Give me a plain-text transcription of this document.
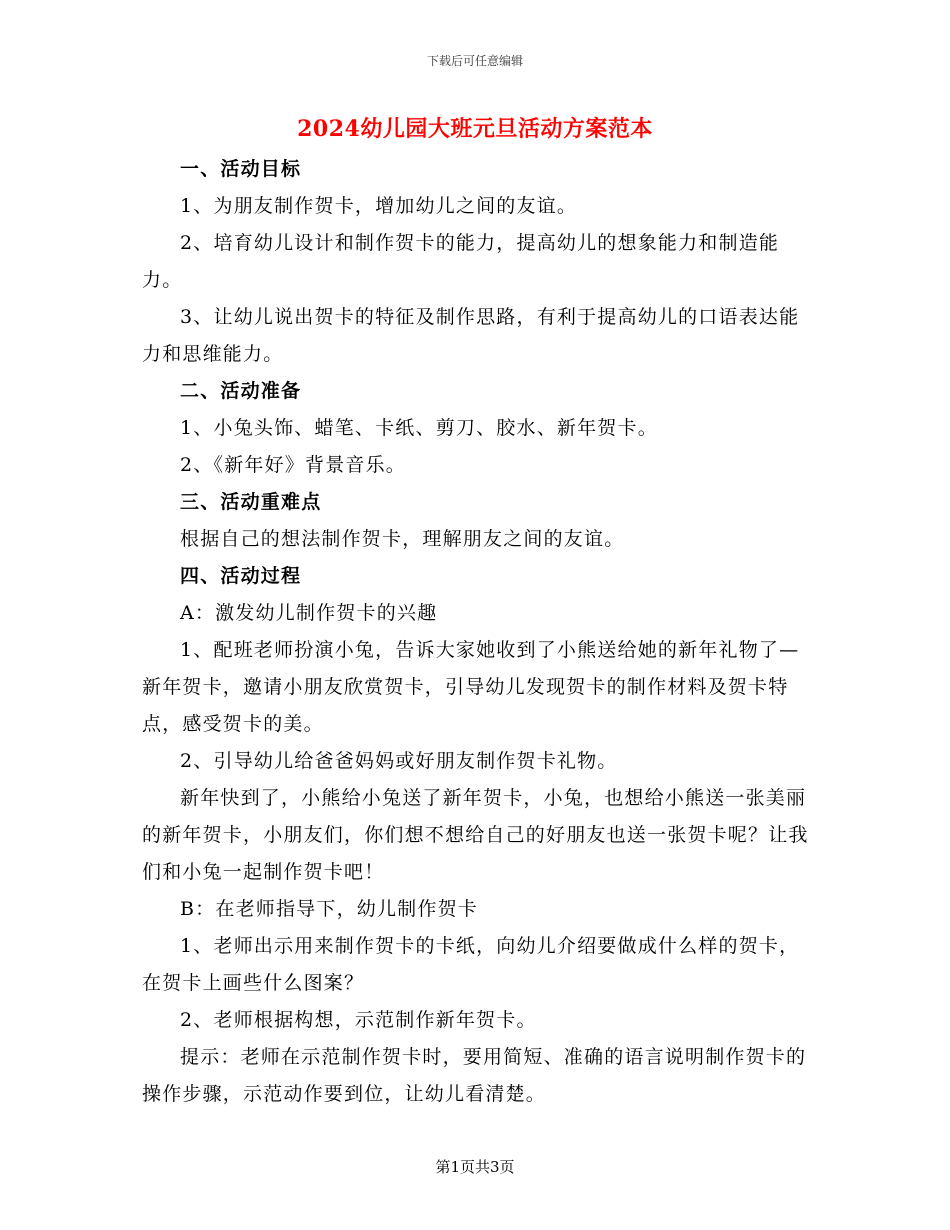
下载后可任意编辑
2024幼儿园大班元旦活动方案范本

一、活动目标

1、为朋友制作贺卡，增加幼儿之间的友谊。

2、培育幼儿设计和制作贺卡的能力，提高幼儿的想象能力和制造能力。

3、让幼儿说出贺卡的特征及制作思路，有利于提高幼儿的口语表达能力和思维能力。

二、活动准备

1、小兔头饰、蜡笔、卡纸、剪刀、胶水、新年贺卡。

2、《新年好》背景音乐。

三、活动重难点

根据自己的想法制作贺卡，理解朋友之间的友谊。

四、活动过程

A：激发幼儿制作贺卡的兴趣

1、配班老师扮演小兔，告诉大家她收到了小熊送给她的新年礼物了—新年贺卡，邀请小朋友欣赏贺卡，引导幼儿发现贺卡的制作材料及贺卡特点，感受贺卡的美。

2、引导幼儿给爸爸妈妈或好朋友制作贺卡礼物。

新年快到了，小熊给小兔送了新年贺卡，小兔，也想给小熊送一张美丽的新年贺卡，小朋友们，你们想不想给自己的好朋友也送一张贺卡呢？让我们和小兔一起制作贺卡吧！

B：在老师指导下，幼儿制作贺卡

1、老师出示用来制作贺卡的卡纸，向幼儿介绍要做成什么样的贺卡，在贺卡上画些什么图案？

2、老师根据构想，示范制作新年贺卡。

提示：老师在示范制作贺卡时，要用简短、准确的语言说明制作贺卡的操作步骤，示范动作要到位，让幼儿看清楚。

第1页共3页
